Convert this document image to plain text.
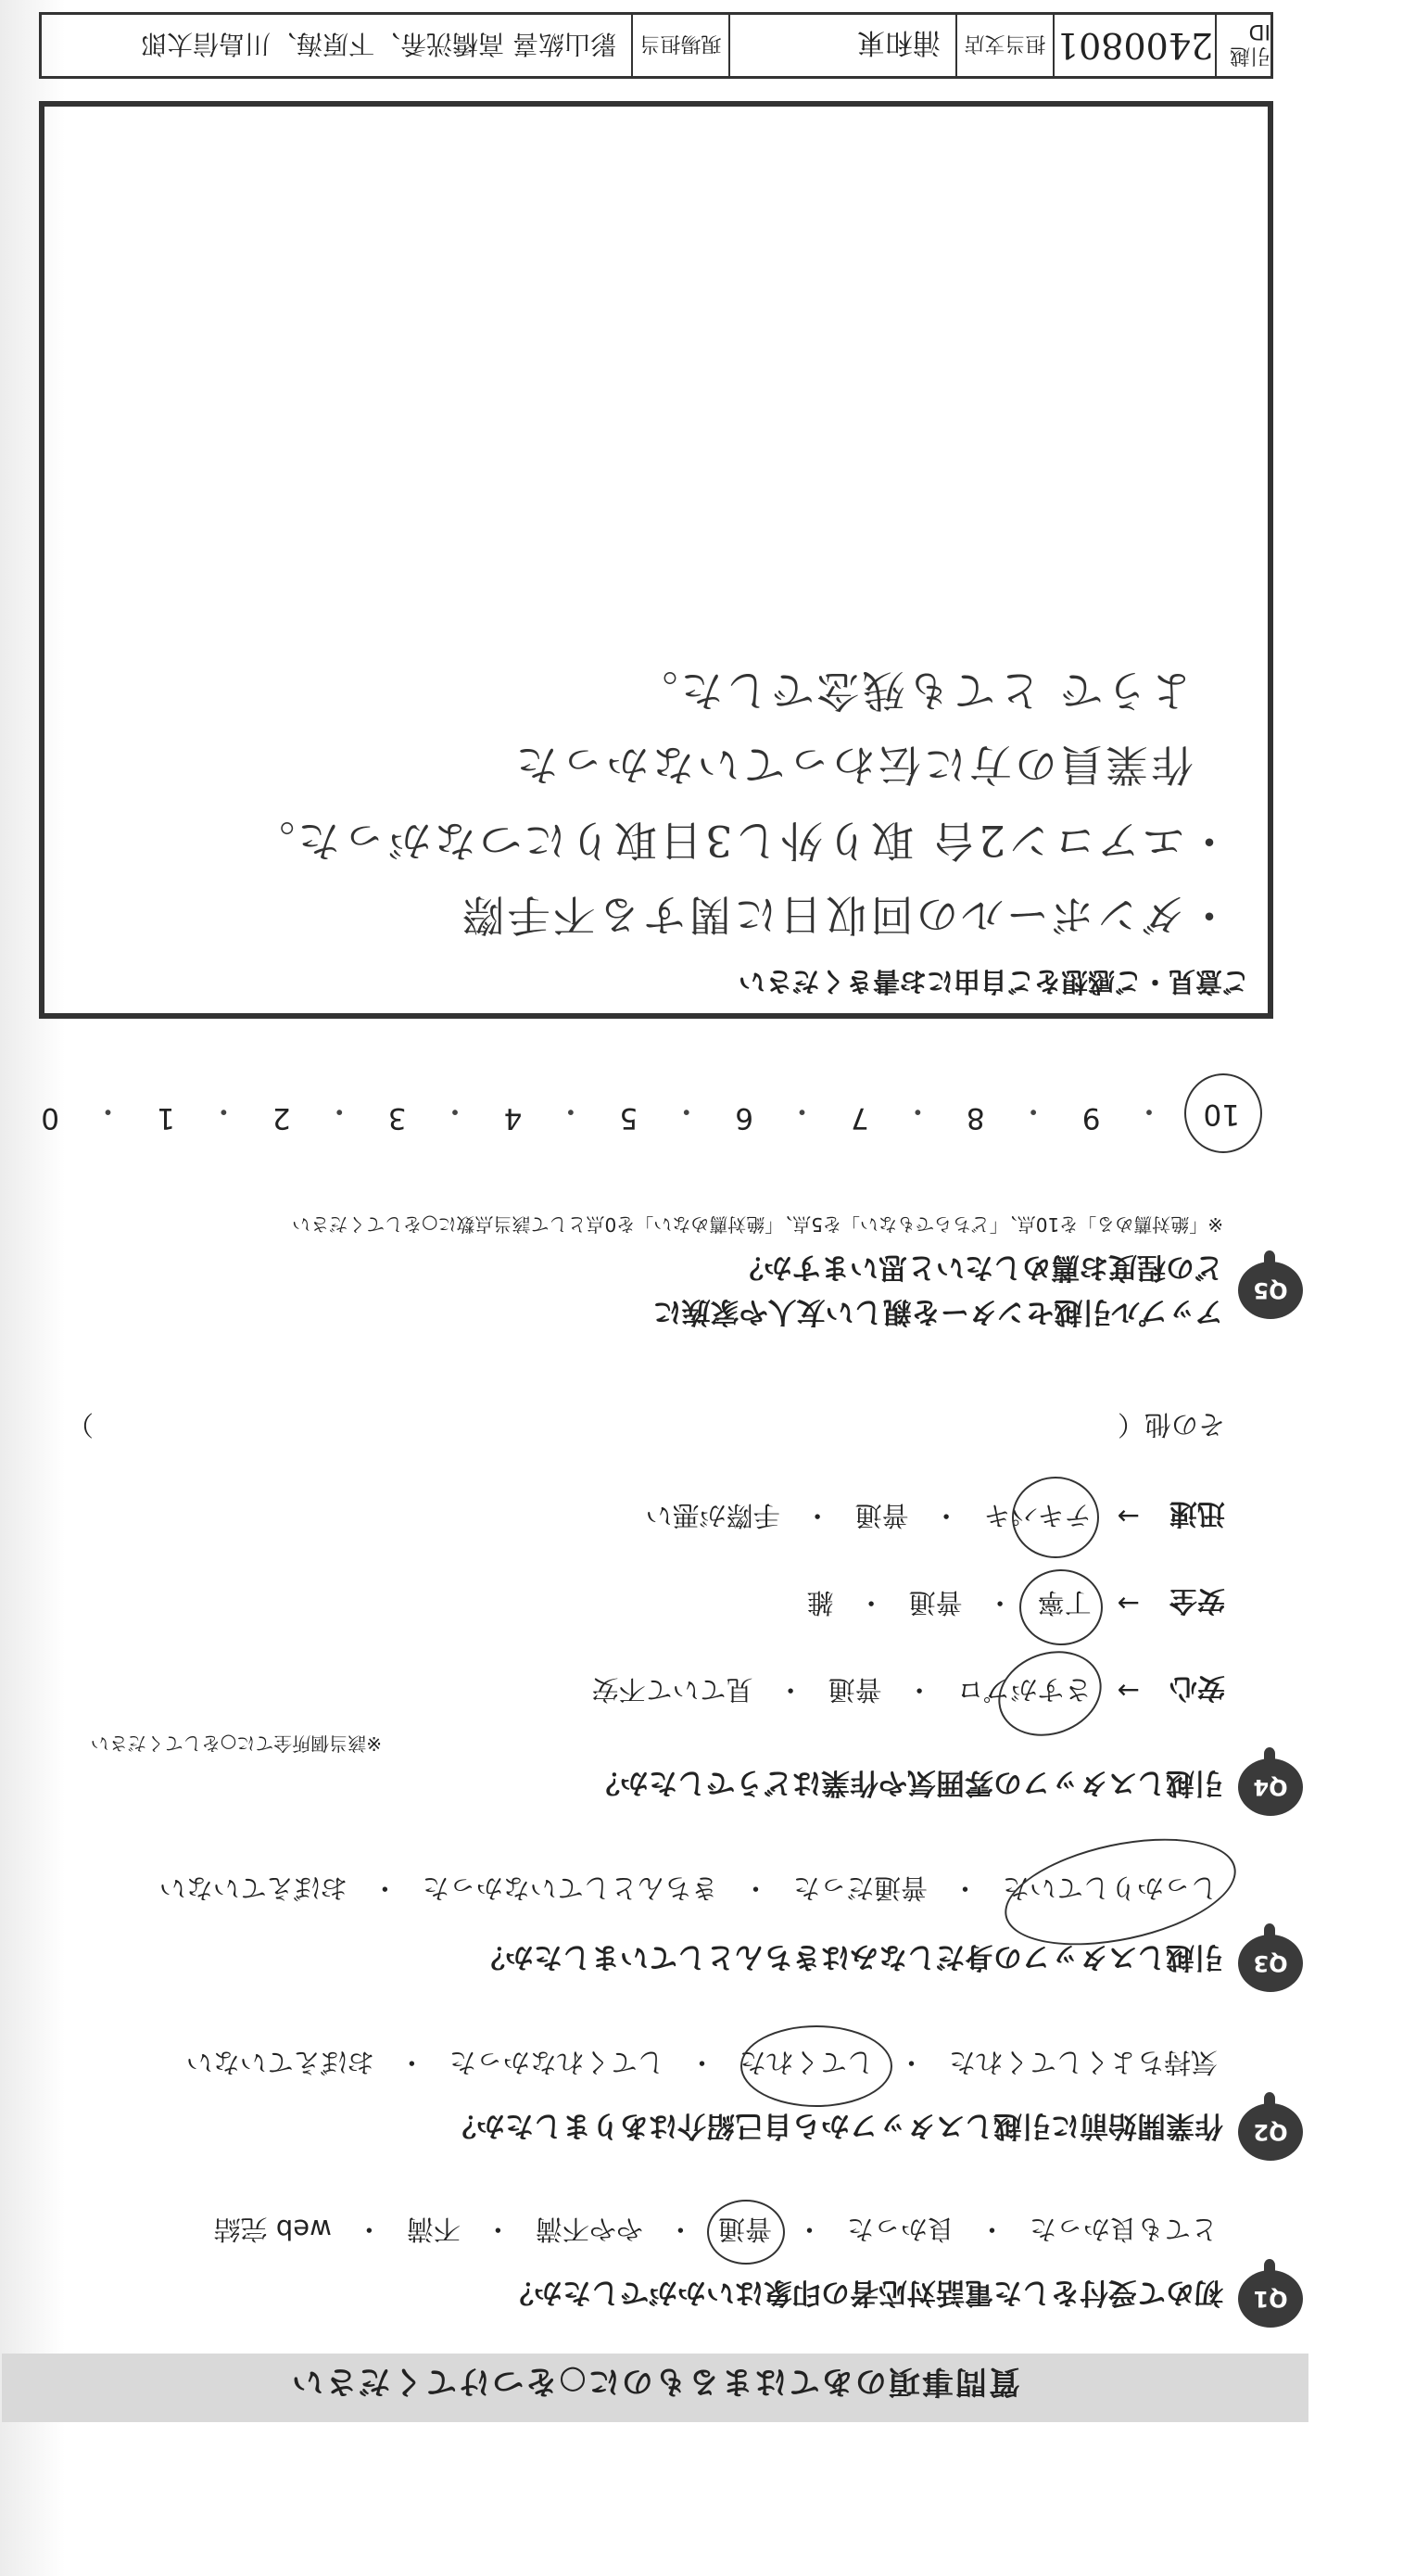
質問事項のあてはまるものに○をつけてください
Q1
初めて受付をした電話対応者の印象はいかがでしたか？
とても良かった
・
良かった
・
普通
・
やや不満
・
不満
・
web 完結
Q2
作業開始前に引越しスタッフから自己紹介はありましたか？
気持ちよくしてくれた
・
してくれた
・
してくれなかった
・
おぼえていない
Q3
引越しスタッフの身だしなみはきちんとしていましたか？
しっかりしていた
・
普通だった
・
きちんとしていなかった
・
おぼえていない
Q4
引越しスタッフの雰囲気や作業はどうでしたか？
※該当個所全てに○をしてください
安心
→
さすがプロ
・
普通
・
見ていて不安
安全
→
丁寧
・
普通
・
雑
迅速
→
テキパキ
・
普通
・
手際が悪い
その他（
）
Q5
アップル引越センターを親しい友人や家族に
どの程度お薦めしたいと思いますか？
※「絶対薦める」を10点、「どちらでもない」を5点、「絶対薦めない」を0点として該当点数に○をしてください
10
・
9
・
8
・
7
・
6
・
5
・
4
・
3
・
2
・
1
・
0
ご意見・ご感想をご自由にお書きください
・ダンボールの回収日に関する不手際
・エアコン2台 取り外し3日取りにつながった。
作業員の方に伝わっていなかった
ようで とても残念でした。
引越ID
2400801
担当支店
浦和東
現場担当
影山紘喜 高橋洸希、下原海、川島信太郎
